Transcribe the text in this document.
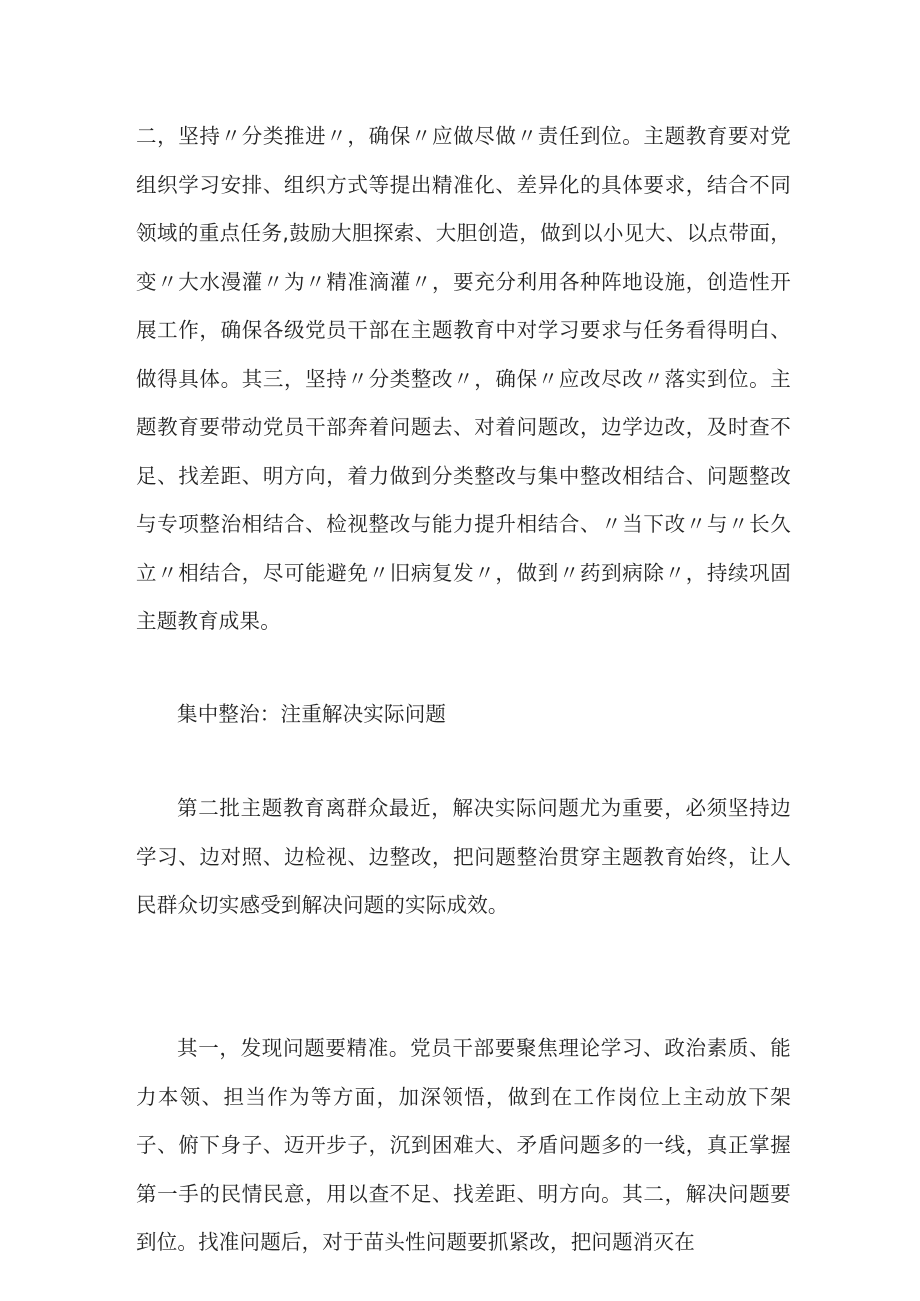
二，坚持〃分类推进〃，确保〃应做尽做〃责任到位。主题教育要对党组织学习安排、组织方式等提出精准化、差异化的具体要求，结合不同领域的重点任务,鼓励大胆探索、大胆创造，做到以小见大、以点带面，变〃大水漫灌〃为〃精准滴灌〃，要充分利用各种阵地设施，创造性开展工作，确保各级党员干部在主题教育中对学习要求与任务看得明白、做得具体。其三，坚持〃分类整改〃，确保〃应改尽改〃落实到位。主题教育要带动党员干部奔着问题去、对着问题改，边学边改，及时查不足、找差距、明方向，着力做到分类整改与集中整改相结合、问题整改与专项整治相结合、检视整改与能力提升相结合、〃当下改〃与〃长久立〃相结合，尽可能避免〃旧病复发〃，做到〃药到病除〃，持续巩固主题教育成果。

集中整治：注重解决实际问题

第二批主题教育离群众最近，解决实际问题尤为重要，必须坚持边学习、边对照、边检视、边整改，把问题整治贯穿主题教育始终，让人民群众切实感受到解决问题的实际成效。

其一，发现问题要精准。党员干部要聚焦理论学习、政治素质、能力本领、担当作为等方面，加深领悟，做到在工作岗位上主动放下架子、俯下身子、迈开步子，沉到困难大、矛盾问题多的一线，真正掌握第一手的民情民意，用以查不足、找差距、明方向。其二，解决问题要到位。找准问题后，对于苗头性问题要抓紧改，把问题消灭在
